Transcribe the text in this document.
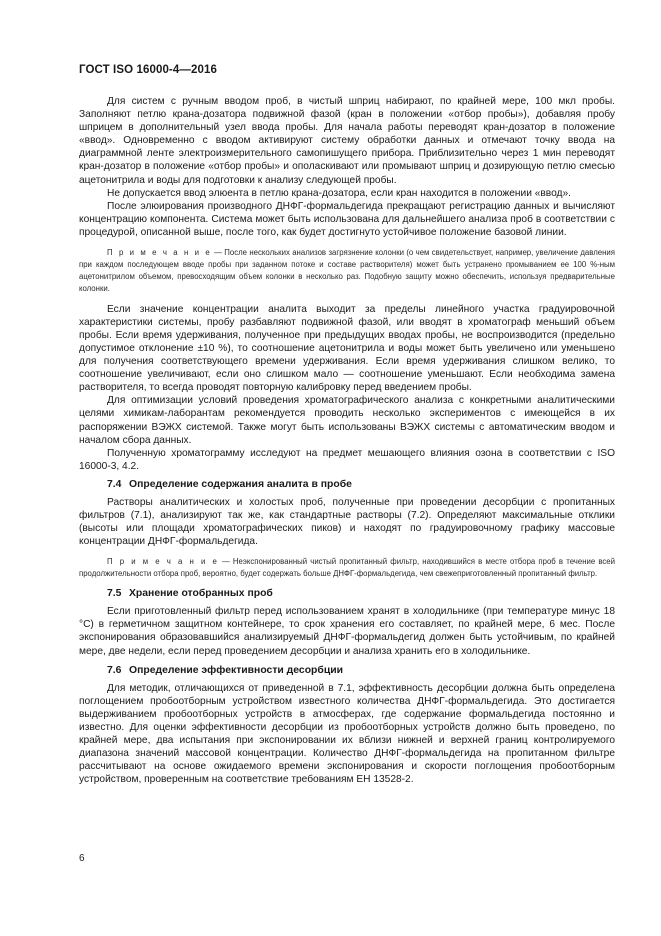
ГОСТ ISO 16000-4—2016

Для систем с ручным вводом проб, в чистый шприц набирают, по крайней мере, 100 мкл пробы. Заполняют петлю крана-дозатора подвижной фазой (кран в положении «отбор пробы»), добавляя пробу шприцем в дополнительный узел ввода пробы. Для начала работы переводят кран-дозатор в положение «ввод». Одновременно с вводом активируют систему обработки данных и отмечают точку ввода на диаграммной ленте электроизмерительного самопишущего прибора. Приблизительно через 1 мин переводят кран-дозатор в положение «отбор пробы» и ополаскивают или промывают шприц и дозирующую петлю смесью ацетонитрила и воды для подготовки к анализу следующей пробы.

Не допускается ввод элюента в петлю крана-дозатора, если кран находится в положении «ввод».

После элюирования производного ДНФГ-формальдегида прекращают регистрацию данных и вычисляют концентрацию компонента. Система может быть использована для дальнейшего анализа проб в соответствии с процедурой, описанной выше, после того, как будет достигнуто устойчивое положение базовой линии.

П р и м е ч а н и е — После нескольких анализов загрязнение колонки (о чем свидетельствует, например, увеличение давления при каждом последующем вводе пробы при заданном потоке и составе растворителя) может быть устранено промыванием ее 100 %-ным ацетонитрилом объемом, превосходящим объем колонки в несколько раз. Подобную защиту можно обеспечить, используя предварительные колонки.

Если значение концентрации аналита выходит за пределы линейного участка градуировочной характеристики системы, пробу разбавляют подвижной фазой, или вводят в хроматограф меньший объем пробы. Если время удерживания, полученное при предыдущих вводах пробы, не воспроизводится (предельно допустимое отклонение ±10 %), то соотношение ацетонитрила и воды может быть увеличено или уменьшено для получения соответствующего времени удерживания. Если время удерживания слишком велико, то соотношение увеличивают, если оно слишком мало — соотношение уменьшают. Если необходима замена растворителя, то всегда проводят повторную калибровку перед введением пробы.

Для оптимизации условий проведения хроматографического анализа с конкретными аналитическими целями химикам-лаборантам рекомендуется проводить несколько экспериментов с имеющейся в их распоряжении ВЭЖХ системой. Также могут быть использованы ВЭЖХ системы с автоматическим вводом и началом сбора данных.

Полученную хроматограмму исследуют на предмет мешающего влияния озона в соответствии с ISO 16000-3, 4.2.

7.4 Определение содержания аналита в пробе

Растворы аналитических и холостых проб, полученные при проведении десорбции с пропитанных фильтров (7.1), анализируют так же, как стандартные растворы (7.2). Определяют максимальные отклики (высоты или площади хроматографических пиков) и находят по градуировочному графику массовые концентрации ДНФГ-формальдегида.

П р и м е ч а н и е — Неэкспонированный чистый пропитанный фильтр, находившийся в месте отбора проб в течение всей продолжительности отбора проб, вероятно, будет содержать больше ДНФГ-формальдегида, чем свежеприготовленный пропитанный фильтр.

7.5 Хранение отобранных проб

Если приготовленный фильтр перед использованием хранят в холодильнике (при температуре минус 18 °С) в герметичном защитном контейнере, то срок хранения его составляет, по крайней мере, 6 мес. После экспонирования образовавшийся анализируемый ДНФГ-формальдегид должен быть устойчивым, по крайней мере, две недели, если перед проведением десорбции и анализа хранить его в холодильнике.

7.6 Определение эффективности десорбции

Для методик, отличающихся от приведенной в 7.1, эффективность десорбции должна быть определена поглощением пробоотборным устройством известного количества ДНФГ-формальдегида. Это достигается выдерживанием пробоотборных устройств в атмосферах, где содержание формальдегида постоянно и известно. Для оценки эффективности десорбции из пробоотборных устройств должно быть проведено, по крайней мере, два испытания при экспонировании их вблизи нижней и верхней границ контролируемого диапазона значений массовой концентрации. Количество ДНФГ-формальдегида на пропитанном фильтре рассчитывают на основе ожидаемого времени экспонирования и скорости поглощения пробоотборным устройством, проверенным на соответствие требованиям ЕН 13528-2.

6
